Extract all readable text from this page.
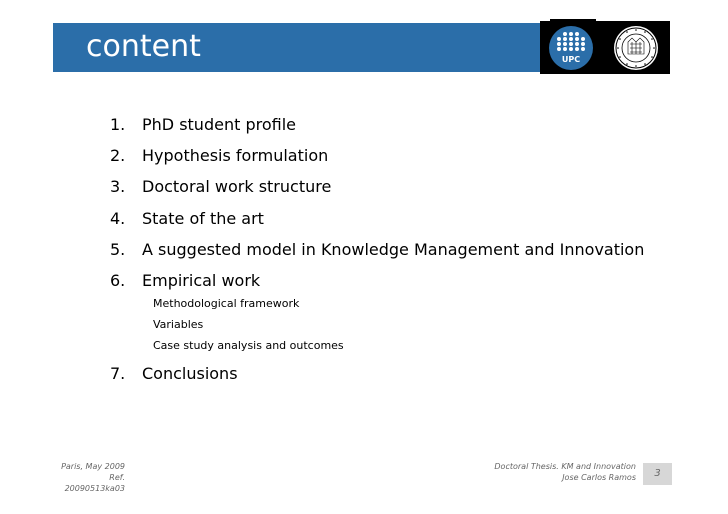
content	UPC
1.	PhD student profile
2.	Hypothesis formulation
3.	Doctoral work structure
4.	State of the art
5.	A suggested model in Knowledge Management and Innovation
6.	Empirical work
Methodological framework
Variables
Case study analysis and outcomes
7.	Conclusions
Paris, May 2009
Ref. 20090513ka03
Doctoral Thesis. KM and Innovation
Jose Carlos Ramos	3
